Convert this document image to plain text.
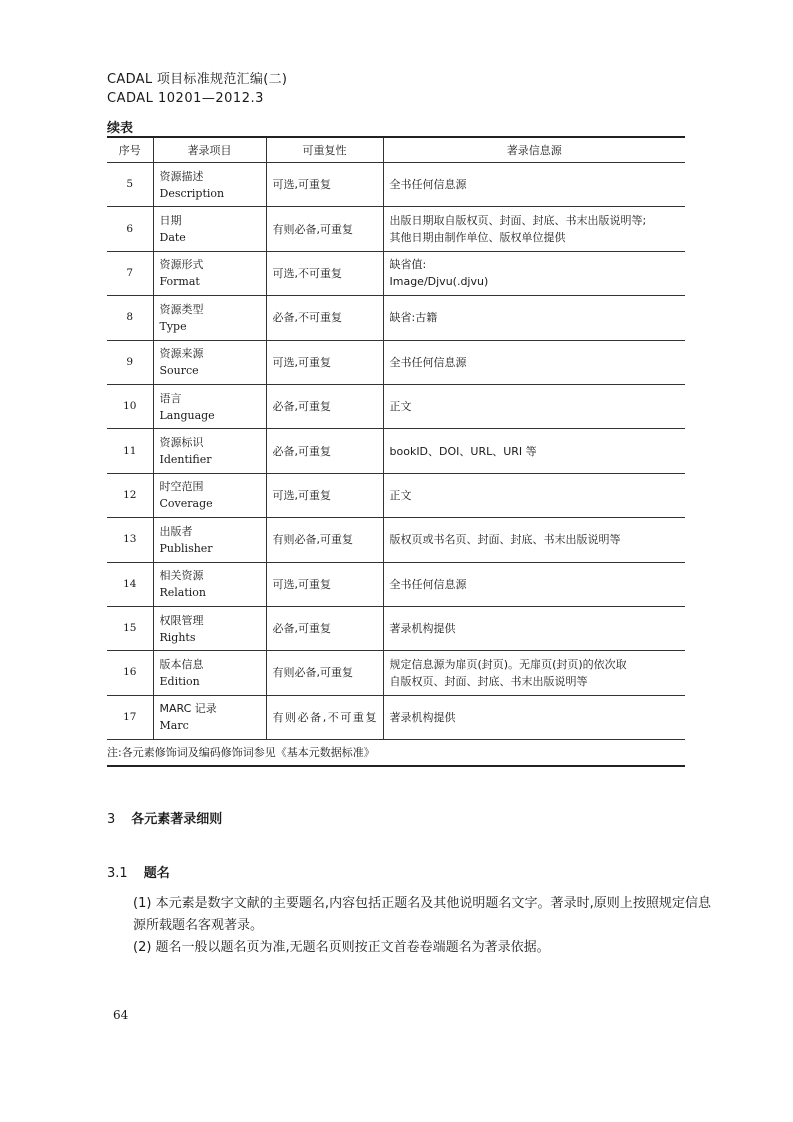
CADAL 项目标准规范汇编(二)
CADAL 10201—2012.3
续表
序号	著录项目	可重复性	著录信息源
5	资源描述
Description	可选,可重复	全书任何信息源

6	日期
Date	有则必备,可重复	出版日期取自版权页、封面、封底、书末出版说明等;
其他日期由制作单位、版权单位提供

7	资源形式
Format	可选,不可重复	缺省值:
Image/Djvu(.djvu)

8	资源类型
Type	必备,不可重复	缺省:古籍

9	资源来源
Source	可选,可重复	全书任何信息源

10	语言
Language	必备,可重复	正文

11	资源标识
Identifier	必备,可重复	bookID、DOI、URL、URI 等

12	时空范围
Coverage	可选,可重复	正文

13	出版者
Publisher	有则必备,可重复	版权页或书名页、封面、封底、书末出版说明等

14	相关资源
Relation	可选,可重复	全书任何信息源

15	权限管理
Rights	必备,可重复	著录机构提供

16	版本信息
Edition	有则必备,可重复	规定信息源为扉页(封页)。无扉页(封页)的依次取
自版权页、封面、封底、书末出版说明等

17	MARC 记录
Marc	有则必备,不可重复	著录机构提供

注:各元素修饰词及编码修饰词参见《基本元数据标准》			
3 各元素著录细则
3.1 题名
(1) 本元素是数字文献的主要题名,内容包括正题名及其他说明题名文字。著录时,原则上按照规定信息源所载题名客观著录。
(2) 题名一般以题名页为准,无题名页则按正文首卷卷端题名为著录依据。
64
